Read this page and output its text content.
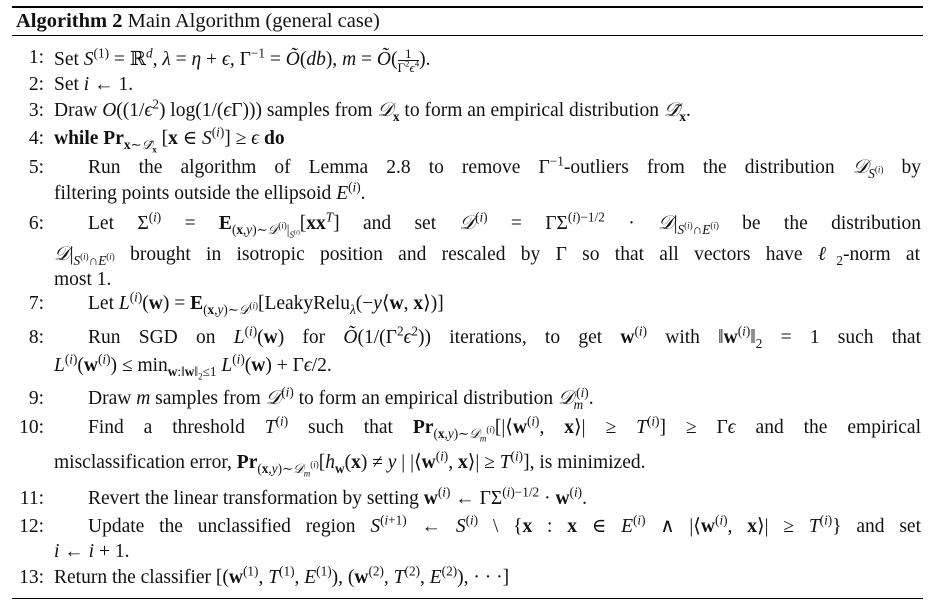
Algorithm 2 Main Algorithm (general case)
1: Set $S^{(1)}$ = ℝ$^d$, λ = η + ϵ, $\Gamma^{-1}$ = Õ(db), m = Õ( $\frac{1}{\Gamma^2\epsilon^4}$ ).
2: Set i ← 1.
3: Draw $O((1/\epsilon^2)$ log(1/(ϵΓ))) samples from 𝒟$_x$ to form an empirical distribution $𝒟̃_x$.
4: while $Pr_{x\sim 𝒟̃_x}$ [x ∈ $S^{(i)}] \ge \epsilon$ do
5: Run the algorithm of Lemma 2.8 to remove $\Gamma^{-1}$-outliers from the distribution 𝒟$_{S^{(i)}}$ by
filtering points outside the ellipsoid $E^{(i)}$.
6: Let $\Sigma^{(i)} = E_{(x,y)\sim 𝒟^{(i)}|_{S^{(i)}}}[xx^T]$ and set 𝒟$^{(i)}$ = $\Gamma\Sigma^{(i)-1/2}$ · $𝒟|_{S^{(i)}\cap E^{(i)}}$ be the distribution
$𝒟|_{S^{(i)}\cap E^{(i)}}$ brought in isotropic position and rescaled by Γ so that all vectors have ℓ$_2$-norm at
most 1.
7: Let $L^{(i)}(w)$ = $E_{(x,y)\sim 𝒟^{(i)}}[LeakyRelu_\lambda(-y⟨w$, x⟩)]
8: Run SGD on $L^{(i)}(w)$ for $Õ(1/(\Gamma^2\epsilon^2))$ iterations, to get $w^{(i)}$ with $‖w^{(i)}‖_2 = 1$ such that
$L^{(i)}(w^{(i)}) \le \min_{w:‖w‖_2\le 1} L^{(i)}(w) + \Gamma\epsilon/2$.
9: Draw m samples from 𝒟$^{(i)}$ to form an empirical distribution 𝒟$_m^{(i)}$.
10: Find a threshold $T^{(i)}$ such that $Pr_{(x,y)\sim 𝒟_m^{(i)}}[|⟨w^{(i)}$, x⟩| ≥ $T^{(i)}] \ge \Gamma\epsilon$ and the empirical
misclassification error, $Pr_{(x,y)\sim 𝒟_m^{(i)}}[h_w(x) \ne y$ | $|⟨w^{(i)}$, x⟩| ≥ $T^{(i)}$], is minimized.
11: Revert the linear transformation by setting $w^{(i)}$ ← $\Gamma\Sigma^{(i)-1/2} \cdot w^{(i)}$.
12: Update the unclassified region $S^{(i+1)}$ ← $S^{(i)}$ \ {x : x ∈ $E^{(i)}$ ∧ $|⟨w^{(i)}$, x⟩| ≥ $T^{(i)}$} and set
i ← i + 1.
13: Return the classifier [($w^{(1)}$, $T^{(1)}$, $E^{(1)}$), ($w^{(2)}$, $T^{(2)}$, $E^{(2)}$), · · ·]
